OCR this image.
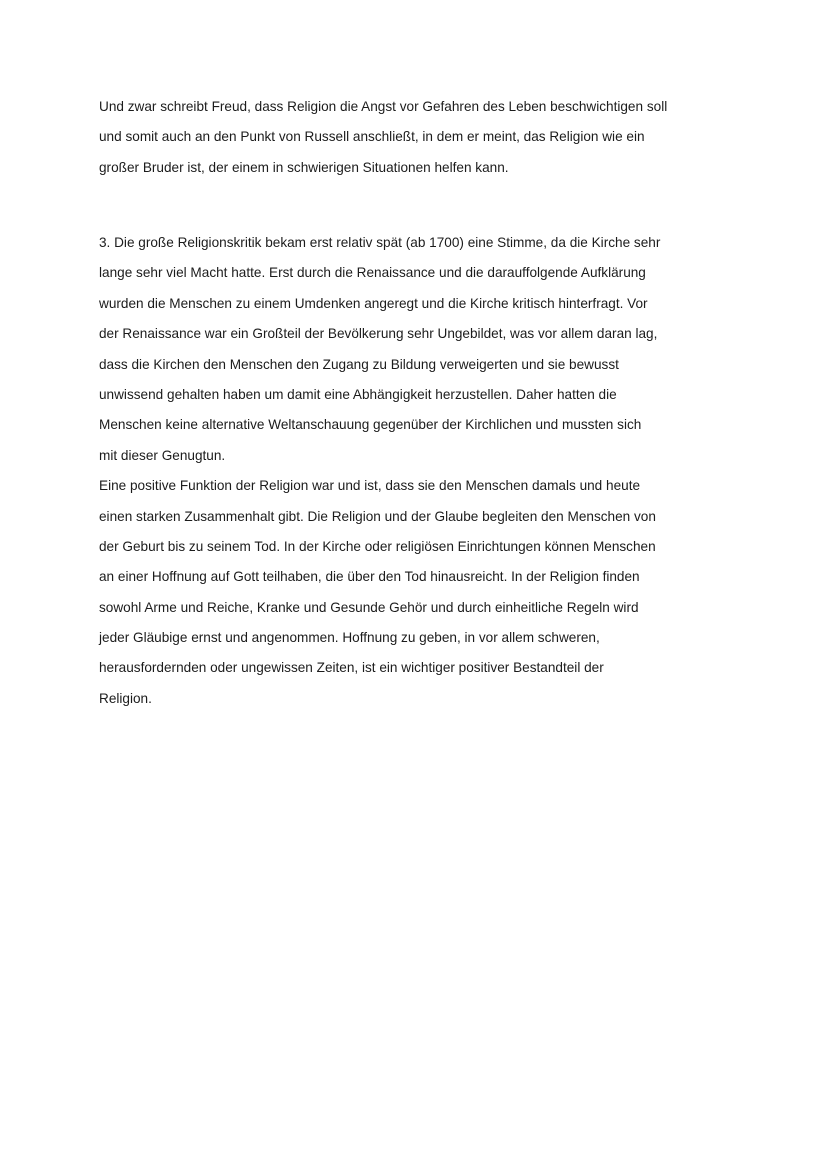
Und zwar schreibt Freud, dass Religion die Angst vor Gefahren des Leben beschwichtigen soll
und somit auch an den Punkt von Russell anschließt, in dem er meint, das Religion wie ein
großer Bruder ist, der einem in schwierigen Situationen helfen kann.
3. Die große Religionskritik bekam erst relativ spät (ab 1700) eine Stimme, da die Kirche sehr
lange sehr viel Macht hatte. Erst durch die Renaissance und die darauffolgende Aufklärung
wurden die Menschen zu einem Umdenken angeregt und die Kirche kritisch hinterfragt. Vor
der Renaissance war ein Großteil der Bevölkerung sehr Ungebildet, was vor allem daran lag,
dass die Kirchen den Menschen den Zugang zu Bildung verweigerten und sie bewusst
unwissend gehalten haben um damit eine Abhängigkeit herzustellen. Daher hatten die
Menschen keine alternative Weltanschauung gegenüber der Kirchlichen und mussten sich
mit dieser Genugtun.
Eine positive Funktion der Religion war und ist, dass sie den Menschen damals und heute
einen starken Zusammenhalt gibt. Die Religion und der Glaube begleiten den Menschen von
der Geburt bis zu seinem Tod. In der Kirche oder religiösen Einrichtungen können Menschen
an einer Hoffnung auf Gott teilhaben, die über den Tod hinausreicht. In der Religion finden
sowohl Arme und Reiche, Kranke und Gesunde Gehör und durch einheitliche Regeln wird
jeder Gläubige ernst und angenommen. Hoffnung zu geben, in vor allem schweren,
herausfordernden oder ungewissen Zeiten, ist ein wichtiger positiver Bestandteil der
Religion.
